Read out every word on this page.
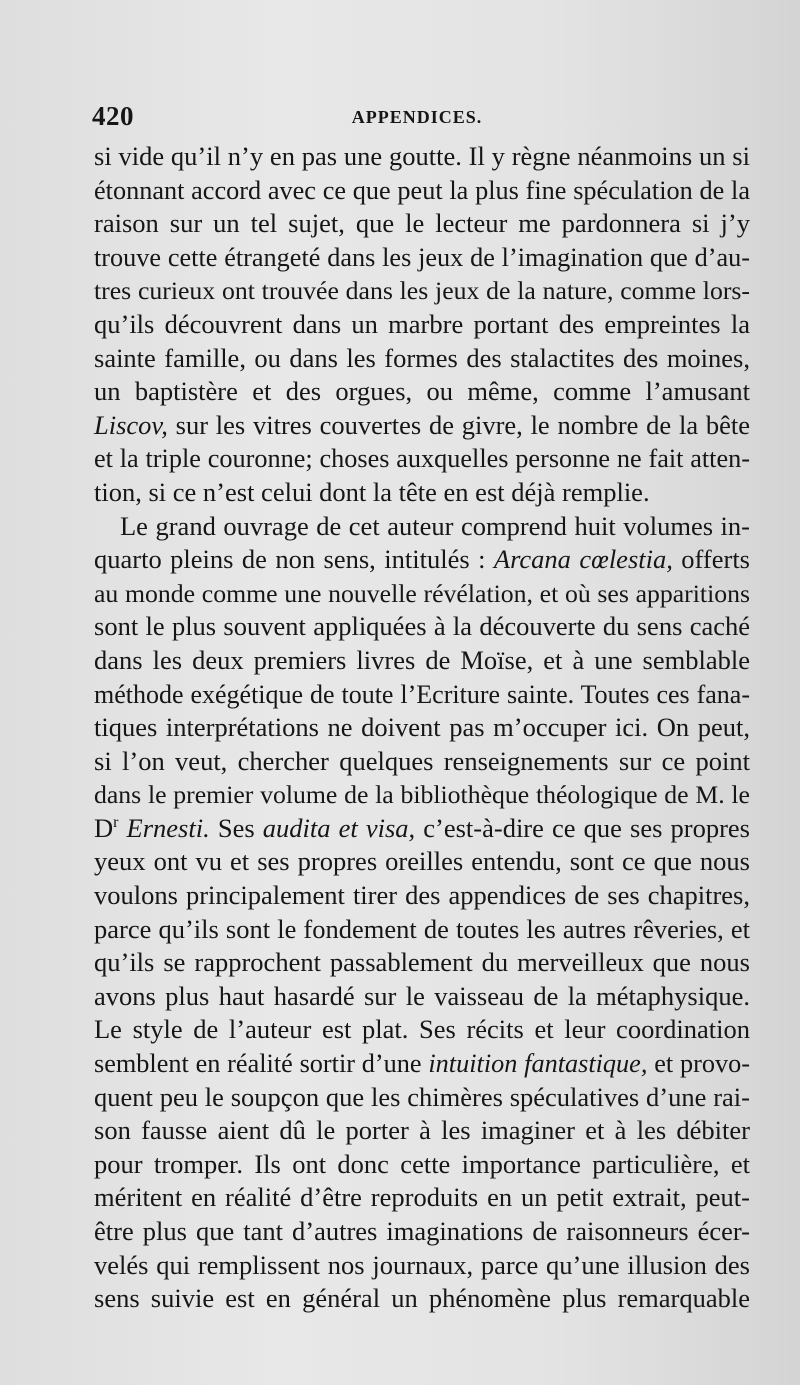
420	APPENDICES.
si vide qu’il n’y en pas une goutte. Il y règne néanmoins un si
étonnant accord avec ce que peut la plus fine spéculation de la
raison sur un tel sujet, que le lecteur me pardonnera si j’y
trouve cette étrangeté dans les jeux de l’imagination que d’au-
tres curieux ont trouvée dans les jeux de la nature, comme lors-
qu’ils découvrent dans un marbre portant des empreintes la
sainte famille, ou dans les formes des stalactites des moines,
un baptistère et des orgues, ou même, comme l’amusant
Liscov, sur les vitres couvertes de givre, le nombre de la bête
et la triple couronne; choses auxquelles personne ne fait atten-
tion, si ce n’est celui dont la tête en est déjà remplie.
Le grand ouvrage de cet auteur comprend huit volumes in-
quarto pleins de non sens, intitulés : Arcana cœlestia, offerts
au monde comme une nouvelle révélation, et où ses apparitions
sont le plus souvent appliquées à la découverte du sens caché
dans les deux premiers livres de Moïse, et à une semblable
méthode exégétique de toute l’Ecriture sainte. Toutes ces fana-
tiques interprétations ne doivent pas m’occuper ici. On peut,
si l’on veut, chercher quelques renseignements sur ce point
dans le premier volume de la bibliothèque théologique de M. le
$D^r$ Ernesti. Ses audita et visa, c’est-à-dire ce que ses propres
yeux ont vu et ses propres oreilles entendu, sont ce que nous
voulons principalement tirer des appendices de ses chapitres,
parce qu’ils sont le fondement de toutes les autres rêveries, et
qu’ils se rapprochent passablement du merveilleux que nous
avons plus haut hasardé sur le vaisseau de la métaphysique.
Le style de l’auteur est plat. Ses récits et leur coordination
semblent en réalité sortir d’une intuition fantastique, et provo-
quent peu le soupçon que les chimères spéculatives d’une rai-
son fausse aient dû le porter à les imaginer et à les débiter
pour tromper. Ils ont donc cette importance particulière, et
méritent en réalité d’être reproduits en un petit extrait, peut-
être plus que tant d’autres imaginations de raisonneurs écer-
velés qui remplissent nos journaux, parce qu’une illusion des
sens suivie est en général un phénomène plus remarquable
